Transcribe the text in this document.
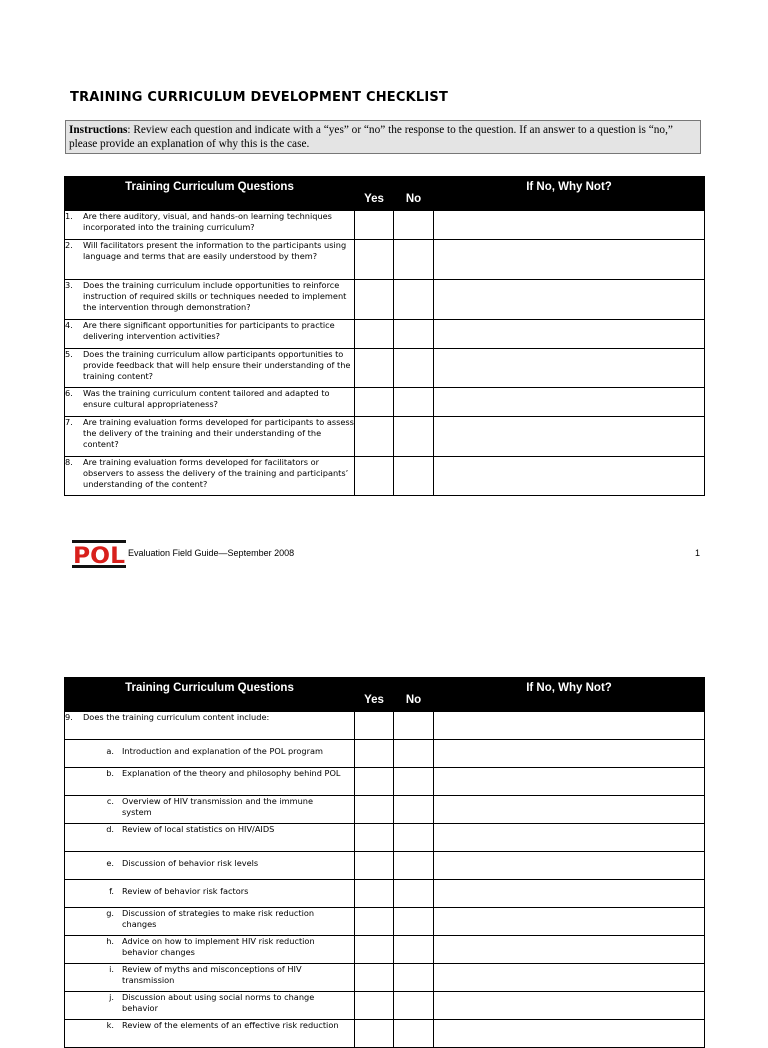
TRAINING CURRICULUM DEVELOPMENT CHECKLIST
Instructions: Review each question and indicate with a “yes” or “no” the response to the question. If an answer to a question is “no,” please provide an explanation of why this is the case.
Training Curriculum Questions	Yes	No	If No, Why Not?

1. Are there auditory, visual, and hands-on learning techniques incorporated into the training curriculum?			

2. Will facilitators present the information to the participants using language and terms that are easily understood by them?			

3. Does the training curriculum include opportunities to reinforce instruction of required skills or techniques needed to implement the intervention through demonstration?			

4. Are there significant opportunities for participants to practice delivering intervention activities?			

5. Does the training curriculum allow participants opportunities to provide feedback that will help ensure their understanding of the training content?			

6. Was the training curriculum content tailored and adapted to ensure cultural appropriateness?			

7. Are training evaluation forms developed for participants to assess the delivery of the training and their understanding of the content?			

8. Are training evaluation forms developed for facilitators or observers to assess the delivery of the training and participants’ understanding of the content?			

POL Evaluation Field Guide—September 2008	1
Training Curriculum Questions	Yes	No	If No, Why Not?

9. Does the training curriculum content include:			

a. Introduction and explanation of the POL program			

b. Explanation of the theory and philosophy behind POL			

c. Overview of HIV transmission and the immune system			

d. Review of local statistics on HIV/AIDS			

e. Discussion of behavior risk levels			

f. Review of behavior risk factors			

g. Discussion of strategies to make risk reduction changes			

h. Advice on how to implement HIV risk reduction behavior changes			

i. Review of myths and misconceptions of HIV transmission			

j. Discussion about using social norms to change behavior			

k. Review of the elements of an effective risk reduction			
